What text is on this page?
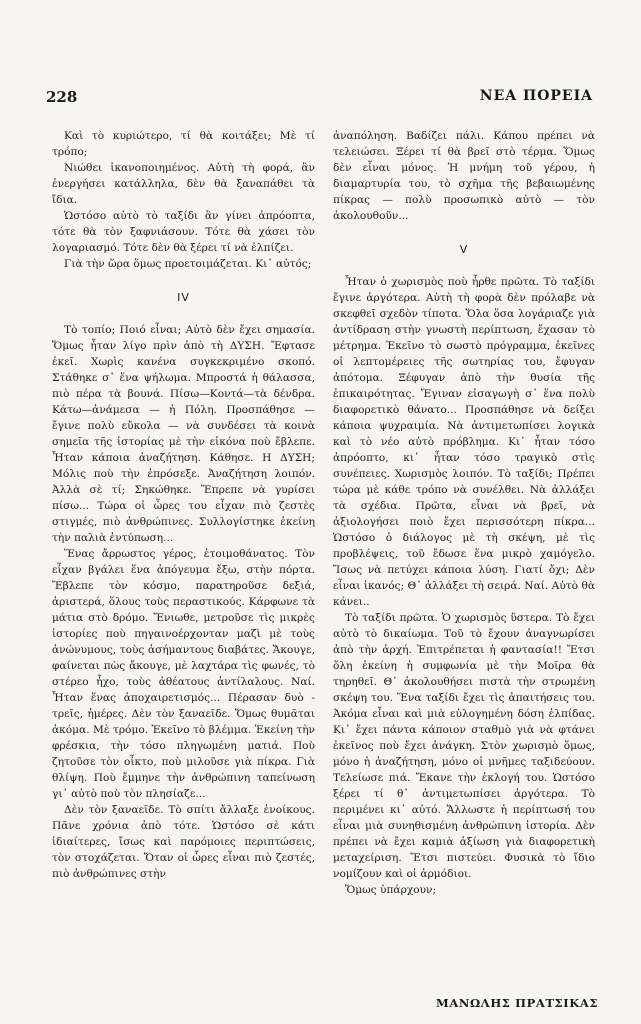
228	ΝΕΑ ΠΟΡΕΙΑ

Καὶ τὸ κυριώτερο, τί θὰ κοιτάξει; Μὲ τί τρόπο;

Νιώθει ἱκανοποιημένος. Αὐτὴ τὴ φορά, ἂν ἐνεργήσει κατάλληλα, δὲν θὰ ξαναπάθει τὰ ἴδια.

Ὡστόσο αὐτὸ τὸ ταξίδι ἂν γίνει ἀπρόοπτα, τότε θὰ τὸν ξαφνιάσουν. Τότε θὰ χάσει τὸν λογαριασμό. Τότε δὲν θὰ ξέρει τί νὰ ἐλπίζει.

Γιὰ τὴν ὥρα ὅμως προετοιμάζεται. Κι᾿ αὐτός;

IV

Τὸ τοπίο; Ποιό εἶναι; Αὐτὸ δὲν ἔχει σημασία. Ὅμως ἦταν λίγο πρὶν ἀπὸ τὴ ΔΥΣΗ. Ἔφτασε ἐκεῖ. Χωρὶς κανένα συγκεκριμένο σκοπό. Στάθηκε σ᾿ ἕνα ψήλωμα. Μπροστά ἡ θάλασσα, πιὸ πέρα τὰ βουνά. Πίσω—Κοντά—τὰ δένδρα. Κάτω—ἀνάμεσα — ἡ Πόλη. Προσπάθησε — ἔγινε πολὺ εὔκολα — νὰ συνδέσει τὰ κοινὰ σημεῖα τῆς ἱστορίας μὲ τὴν εἰκόνα ποὺ ἔβλεπε. Ἦταν κάποια ἀναζήτηση. Κάθησε. Η ΔΥΣΗ; Μόλις ποὺ τὴν ἐπρόσεξε. Ἀναζήτηση λοιπόν. Ἀλλὰ σὲ τί; Σηκώθηκε. Ἔπρεπε νὰ γυρίσει πίσω... Τώρα οἱ ὧρες του εἶχαν πιὸ ζεστὲς στιγμές, πιὸ ἀνθρώπινες. Συλλογίστηκε ἐκείνη τὴν παλιὰ ἐντύπωση...

Ἕνας ἄρρωστος γέρος, ἑτοιμοθάνατος. Τὸν εἶχαν βγάλει ἕνα ἀπόγευμα ἔξω, στὴν πόρτα. Ἔβλεπε τὸν κόσμο, παρατηροῦσε δεξιά, ἀριστερά, ὅλους τοὺς περαστικούς. Κάρφωνε τὰ μάτια στὸ δρόμο. Ἔνιωθε, μετροῦσε τὶς μικρὲς ἱστορίες ποὺ πηγαινοέρχονταν μαζὶ μὲ τοὺς ἀνώνυμους, τοὺς ἀσήμαντους διαβάτες. Ἄκουγε, φαίνεται πὼς ἄκουγε, μὲ λαχτάρα τὶς φωνές, τὸ στέρεο ἦχο, τοὺς ἀθέατους ἀντίλαλους. Ναί. Ἦταν ἕνας ἀποχαιρετισμός... Πέρασαν δυὸ - τρεῖς, ἡμέρες. Δὲν τὸν ξαναεῖδε. Ὅμως θυμᾶται ἀκόμα. Μὲ τρόμο. Ἐκεῖνο τὸ βλέμμα. Ἐκείνη τὴν φρέσκια, τὴν τόσο πληγωμένη ματιά. Ποὺ ζητοῦσε τὸν οἶκτο, ποὺ μιλοῦσε γιὰ πίκρα. Γιὰ θλίψη. Ποὺ ἔμμηνε τὴν ἀνθρώπινη ταπείνωση γι᾿ αὐτὸ ποὺ τὸν πλησίαζε...

Δὲν τὸν ξαναεῖδε. Τὸ σπίτι ἄλλαξε ἐνοίκους. Πᾶνε χρόνια ἀπὸ τότε. Ὡστόσο σὲ κάτι ἰδιαίτερες, ἴσως καὶ παρόμοιες περιπτώσεις, τὸν στοχάζεται. Ὅταν οἱ ὧρες εἶναι πιὸ ζεστές, πιὸ ἀνθρώπινες στὴν

ἀναπόληση. Βαδίζει πάλι. Κάπου πρέπει νὰ τελειώσει. Ξέρει τί θὰ βρεῖ στὸ τέρμα. Ὅμως δὲν εἶναι μόνος. Ἡ μνήμη τοῦ γέρου, ἡ διαμαρτυρία του, τὸ σχῆμα τῆς βεβαιωμένης πίκρας — πολὺ προσωπικὸ αὐτὸ — τὸν ἀκολουθοῦν...

V

Ἦταν ὁ χωρισμὸς ποὺ ἦρθε πρῶτα. Τὸ ταξίδι ἔγινε ἀργότερα. Αὐτὴ τὴ φορὰ δὲν πρόλαβε νὰ σκεφθεῖ σχεδὸν τίποτα. Ὅλα ὅσα λογάριαζε γιὰ ἀντίδραση στὴν γνωστὴ περίπτωση, ἔχασαν τὸ μέτρημα. Ἐκεῖνο τὸ σωστὸ πρόγραμμα, ἐκεῖνες οἱ λεπτομέρειες τῆς σωτηρίας του, ἔφυγαν ἀπότομα. Ξέφυγαν ἀπὸ τὴν θυσία τῆς ἐπικαιρότητας. Ἔγιναν εἰσαγωγὴ σ᾿ ἕνα πολὺ διαφορετικὸ θάνατο... Προσπάθησε νὰ δείξει κάποια ψυχραιμία. Νὰ ἀντιμετωπίσει λογικὰ καὶ τὸ νέο αὐτὸ πρόβλημα. Κι᾿ ἦταν τόσο ἀπρόοπτο, κι᾿ ἦταν τόσο τραγικὸ στὶς συνέπειες. Χωρισμὸς λοιπόν. Τὸ ταξίδι; Πρέπει τώρα μὲ κάθε τρόπο νὰ συνέλθει. Νὰ ἀλλάξει τὰ σχέδια. Πρῶτα, εἶναι νὰ βρεῖ, νὰ ἀξιολογήσει ποιὸ ἔχει περισσότερη πίκρα... Ὡστόσο ὁ διάλογος μὲ τὴ σκέψη, μὲ τὶς προβλέψεις, τοῦ ἔδωσε ἕνα μικρὸ χαμόγελο. Ἴσως νὰ πετύχει κάποια λύση. Γιατί ὄχι; Δὲν εἶναι ἱκανός; Θ᾿ ἀλλάξει τὴ σειρά. Ναί. Αὐτὸ θὰ κάνει..

Τὸ ταξίδι πρῶτα. Ὁ χωρισμὸς ὕστερα. Τὸ ἔχει αὐτὸ τὸ δικαίωμα. Τοῦ τὸ ἔχουν ἀναγνωρίσει ἀπὸ τὴν ἀρχή. Ἐπιτρέπεται ἡ φαντασία!! Ἔτσι ὅλη ἐκείνη ἡ συμφωνία μὲ τὴν Μοῖρα θὰ τηρηθεῖ. Θ᾿ ἀκολουθήσει πιστὰ τὴν στρωμένη σκέψη του. Ἕνα ταξίδι ἔχει τὶς ἀπαιτήσεις του. Ἀκόμα εἶναι καὶ μιὰ εὐλογημένη δόση ἐλπίδας. Κι᾿ ἔχει πάντα κάποιον σταθμὸ γιὰ νὰ φτάνει ἐκεῖνος ποὺ ἔχει ἀνάγκη. Στὸν χωρισμὸ ὅμως, μόνο ἡ ἀναζήτηση, μόνο οἱ μνῆμες ταξιδεύουν. Τελείωσε πιά. Ἔκανε τὴν ἐκλογή του. Ὡστόσο ξέρει τί θ᾿ ἀντιμετωπίσει ἀργότερα. Τὸ περιμένει κι᾿ αὐτό. Ἄλλωστε ἡ περίπτωσή του εἶναι μιὰ συνηθισμένη ἀνθρώπινη ἱστορία. Δὲν πρέπει νὰ ἔχει καμιὰ ἀξίωση γιὰ διαφορετικὴ μεταχείριση. Ἔτσι πιστεύει. Φυσικὰ τὸ ἴδιο νομίζουν καὶ οἱ ἁρμόδιοι.

Ὅμως ὑπάρχουν;

ΜΑΝΩΛΗΣ ΠΡΑΤΣΙΚΑΣ
